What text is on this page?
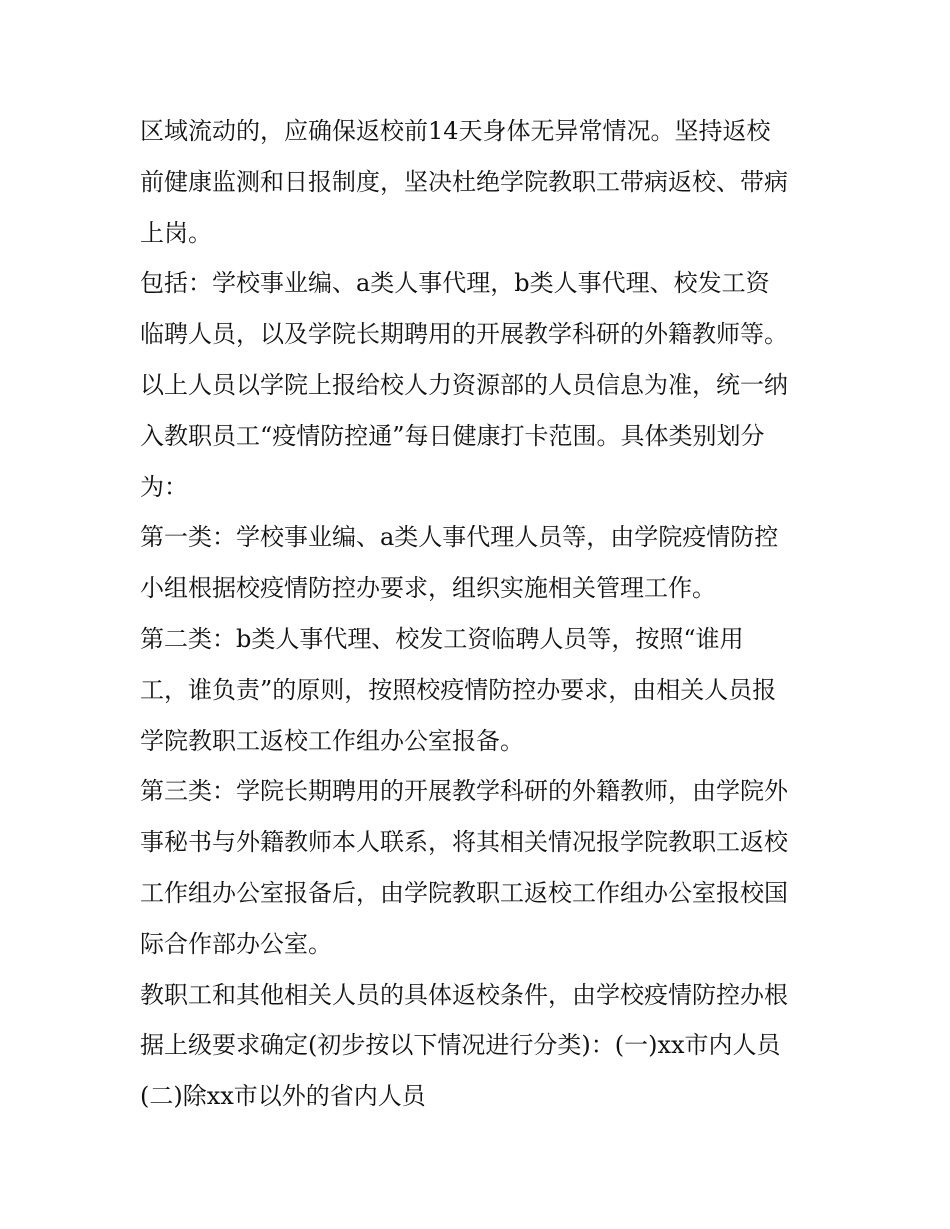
区域流动的，应确保返校前14天身体无异常情况。坚持返校
前健康监测和日报制度，坚决杜绝学院教职工带病返校、带病
上岗。
包括：学校事业编、a类人事代理，b类人事代理、校发工资
临聘人员，以及学院长期聘用的开展教学科研的外籍教师等。
以上人员以学院上报给校人力资源部的人员信息为准，统一纳
入教职员工“疫情防控通”每日健康打卡范围。具体类别划分
为：
第一类：学校事业编、a类人事代理人员等，由学院疫情防控
小组根据校疫情防控办要求，组织实施相关管理工作。
第二类：b类人事代理、校发工资临聘人员等，按照“谁用
工，谁负责”的原则，按照校疫情防控办要求，由相关人员报
学院教职工返校工作组办公室报备。
第三类：学院长期聘用的开展教学科研的外籍教师，由学院外
事秘书与外籍教师本人联系，将其相关情况报学院教职工返校
工作组办公室报备后，由学院教职工返校工作组办公室报校国
际合作部办公室。
教职工和其他相关人员的具体返校条件，由学校疫情防控办根
据上级要求确定(初步按以下情况进行分类)：(一)xx市内人员
(二)除xx市以外的省内人员
